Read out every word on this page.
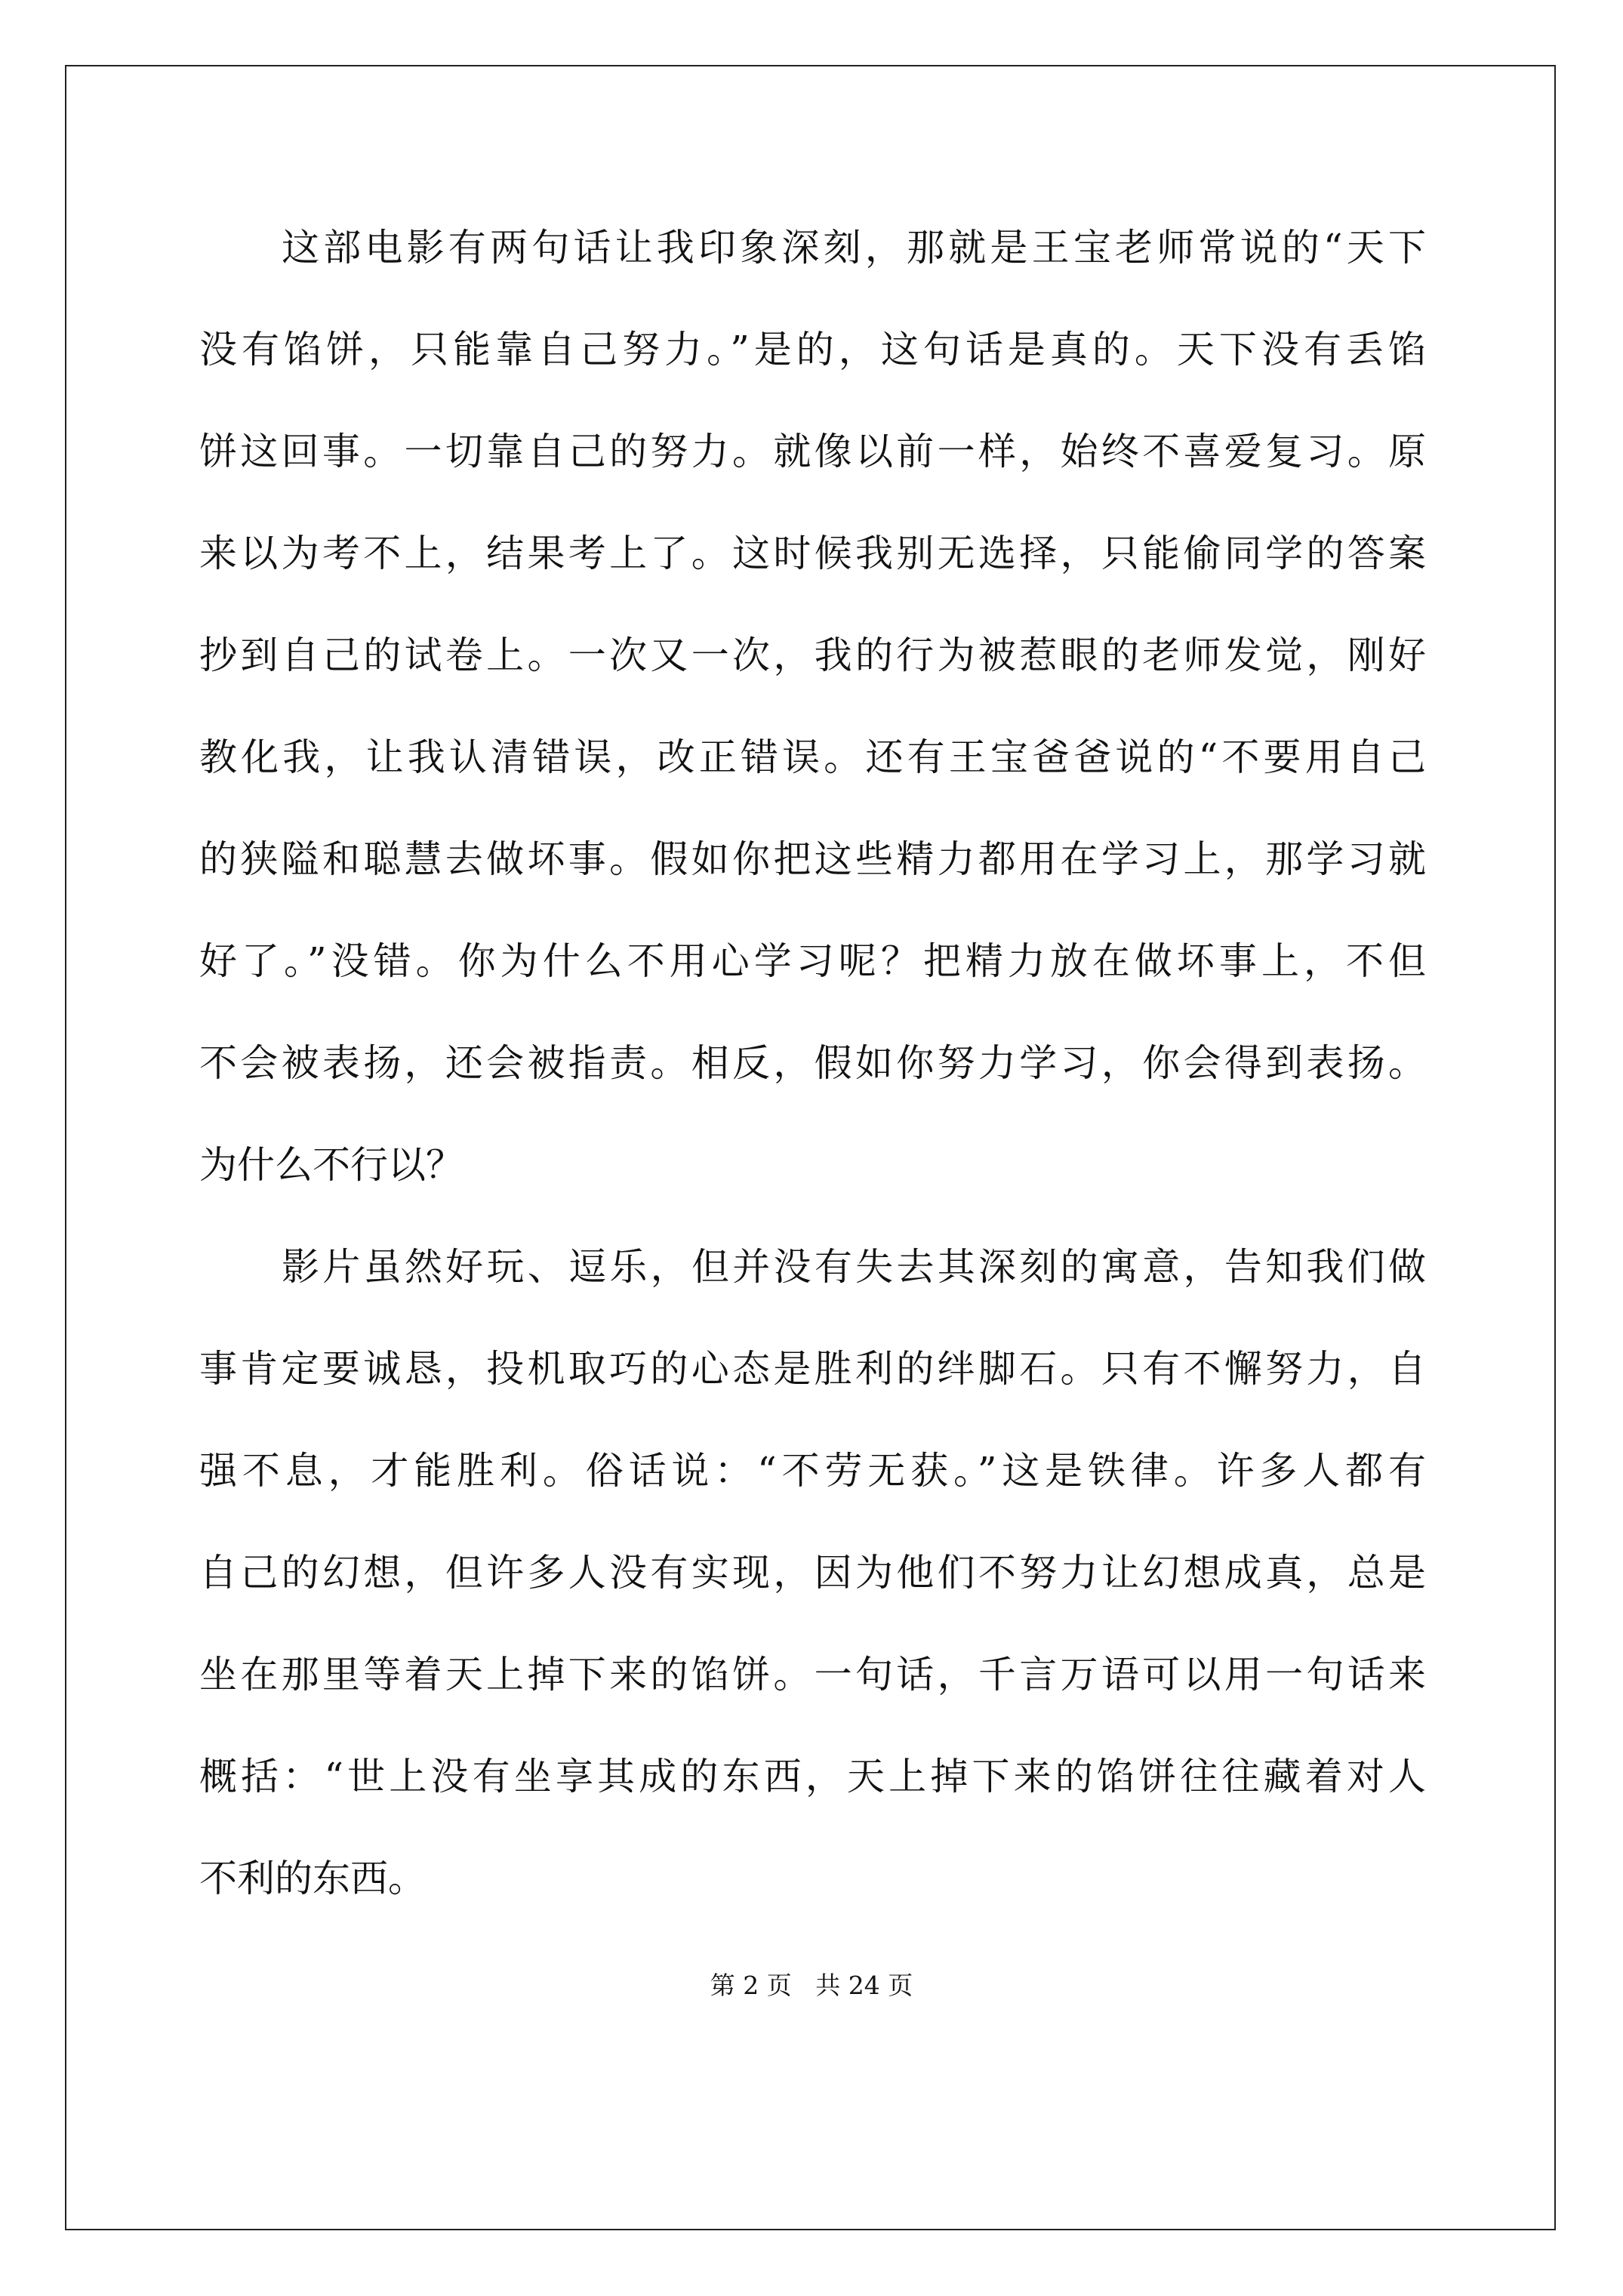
这部电影有两句话让我印象深刻，那就是王宝老师常说的“天下
没有馅饼，只能靠自己努力。”是的，这句话是真的。天下没有丢馅
饼这回事。一切靠自己的努力。就像以前一样，始终不喜爱复习。原
来以为考不上，结果考上了。这时候我别无选择，只能偷同学的答案
抄到自己的试卷上。一次又一次，我的行为被惹眼的老师发觉，刚好
教化我，让我认清错误，改正错误。还有王宝爸爸说的“不要用自己
的狭隘和聪慧去做坏事。假如你把这些精力都用在学习上，那学习就
好了。”没错。你为什么不用心学习呢？把精力放在做坏事上，不但
不会被表扬，还会被指责。相反，假如你努力学习，你会得到表扬。
为什么不行以？
影片虽然好玩、逗乐，但并没有失去其深刻的寓意，告知我们做
事肯定要诚恳，投机取巧的心态是胜利的绊脚石。只有不懈努力，自
强不息，才能胜利。俗话说：“不劳无获。”这是铁律。许多人都有
自己的幻想，但许多人没有实现，因为他们不努力让幻想成真，总是
坐在那里等着天上掉下来的馅饼。一句话，千言万语可以用一句话来
概括：“世上没有坐享其成的东西，天上掉下来的馅饼往往藏着对人
第 2 页   共 24 页
不利的东西。
